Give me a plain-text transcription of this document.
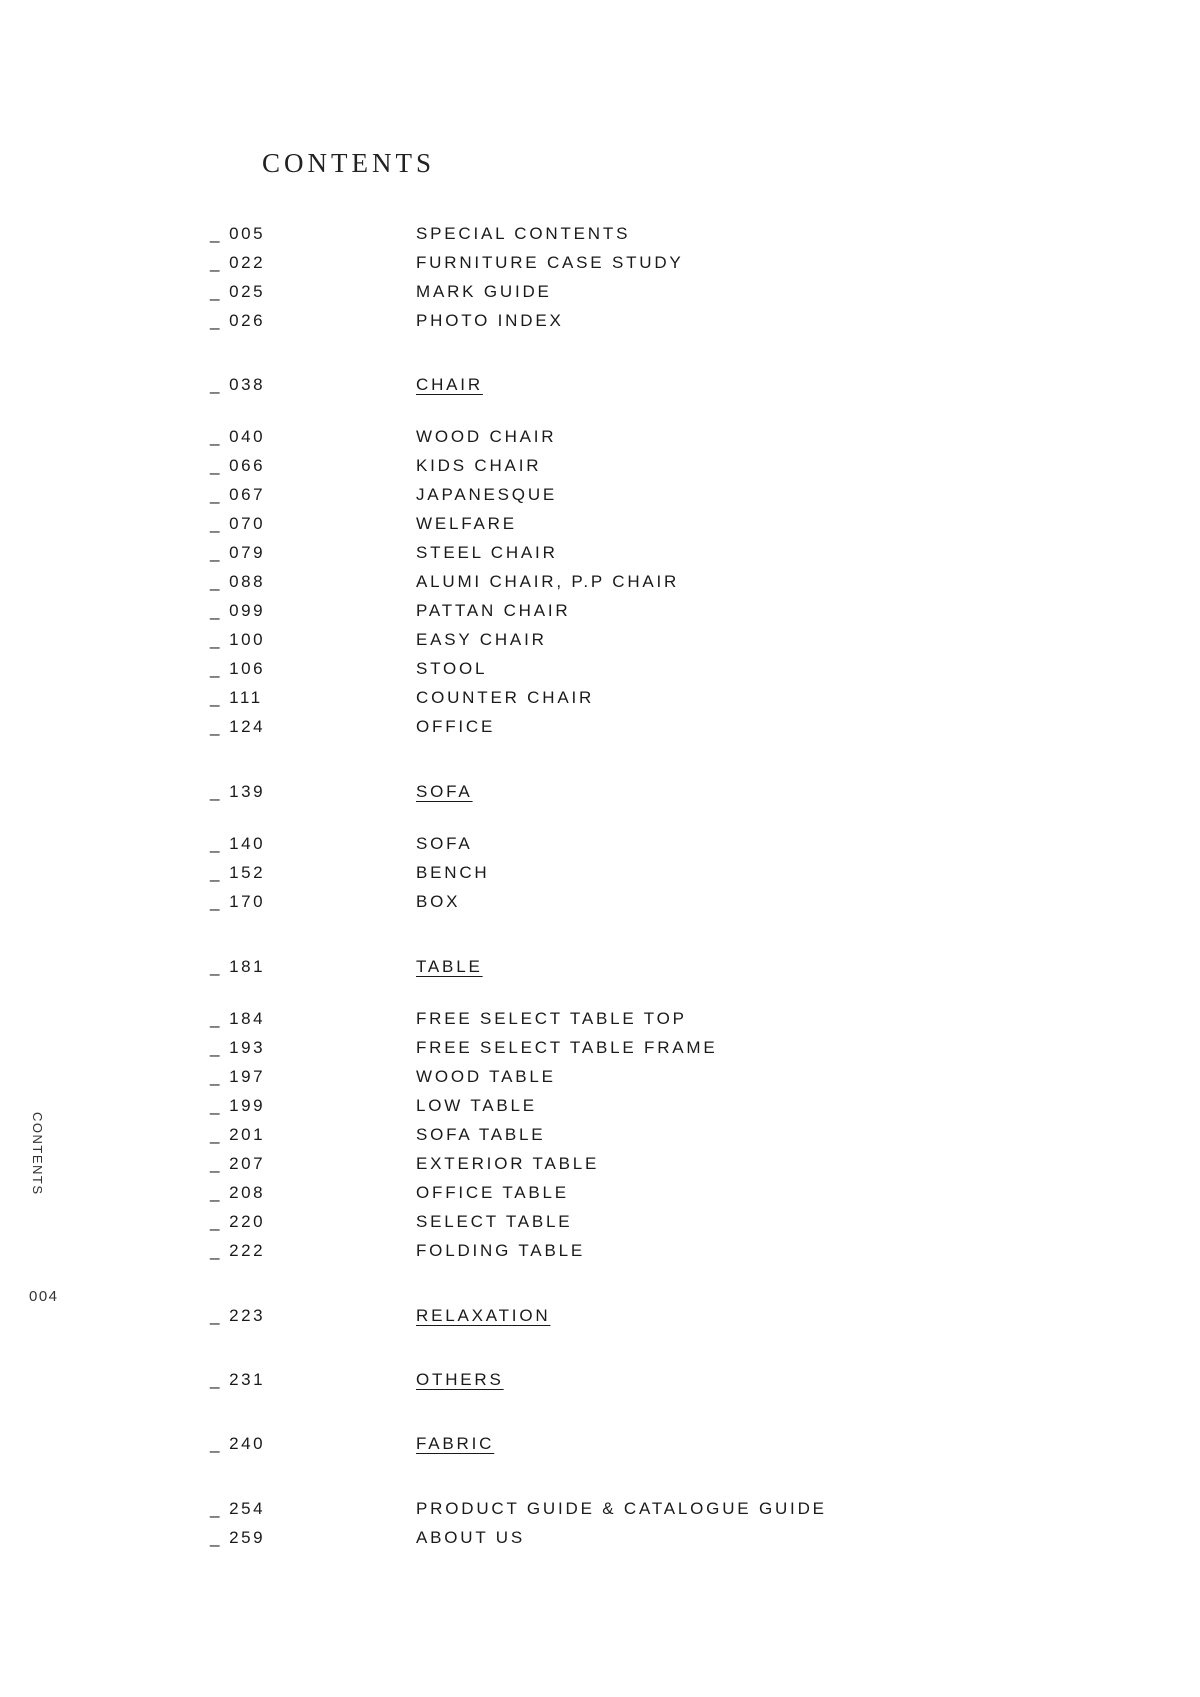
CONTENTS
_ 005	SPECIAL CONTENTS
_ 022	FURNITURE CASE STUDY
_ 025	MARK GUIDE
_ 026	PHOTO INDEX
_ 038	CHAIR
_ 040	WOOD CHAIR
_ 066	KIDS CHAIR
_ 067	JAPANESQUE
_ 070	WELFARE
_ 079	STEEL CHAIR
_ 088	ALUMI CHAIR, P.P CHAIR
_ 099	PATTAN CHAIR
_ 100	EASY CHAIR
_ 106	STOOL
_ 111	COUNTER CHAIR
_ 124	OFFICE
_ 139	SOFA
_ 140	SOFA
_ 152	BENCH
_ 170	BOX
_ 181	TABLE
_ 184	FREE SELECT TABLE TOP
_ 193	FREE SELECT TABLE FRAME
_ 197	WOOD TABLE
_ 199	LOW TABLE
_ 201	SOFA TABLE
_ 207	EXTERIOR TABLE
_ 208	OFFICE TABLE
_ 220	SELECT TABLE
_ 222	FOLDING TABLE
_ 223	RELAXATION
_ 231	OTHERS
_ 240	FABRIC
_ 254	PRODUCT GUIDE & CATALOGUE GUIDE
_ 259	ABOUT US
CONTENTS
004
